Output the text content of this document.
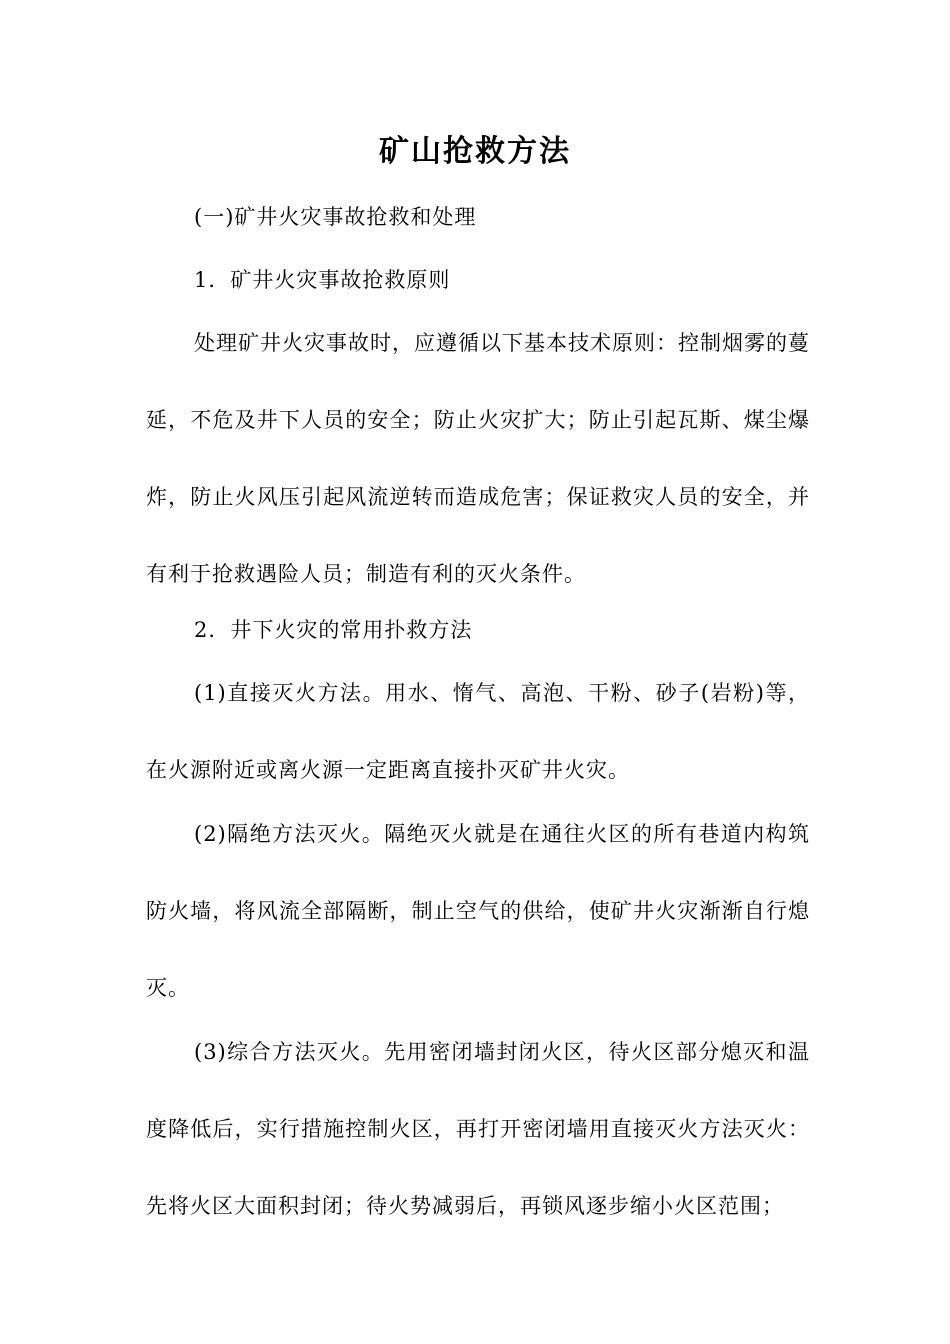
矿山抢救方法

(一)矿井火灾事故抢救和处理

1．矿井火灾事故抢救原则

处理矿井火灾事故时，应遵循以下基本技术原则：控制烟雾的蔓延，不危及井下人员的安全；防止火灾扩大；防止引起瓦斯、煤尘爆炸，防止火风压引起风流逆转而造成危害；保证救灾人员的安全，并有利于抢救遇险人员；制造有利的灭火条件。

2．井下火灾的常用扑救方法

(1)直接灭火方法。用水、惰气、高泡、干粉、砂子(岩粉)等，在火源附近或离火源一定距离直接扑灭矿井火灾。

(2)隔绝方法灭火。隔绝灭火就是在通往火区的所有巷道内构筑防火墙，将风流全部隔断，制止空气的供给，使矿井火灾渐渐自行熄灭。

(3)综合方法灭火。先用密闭墙封闭火区，待火区部分熄灭和温度降低后，实行措施控制火区，再打开密闭墙用直接灭火方法灭火：先将火区大面积封闭；待火势减弱后，再锁风逐步缩小火区范围；
